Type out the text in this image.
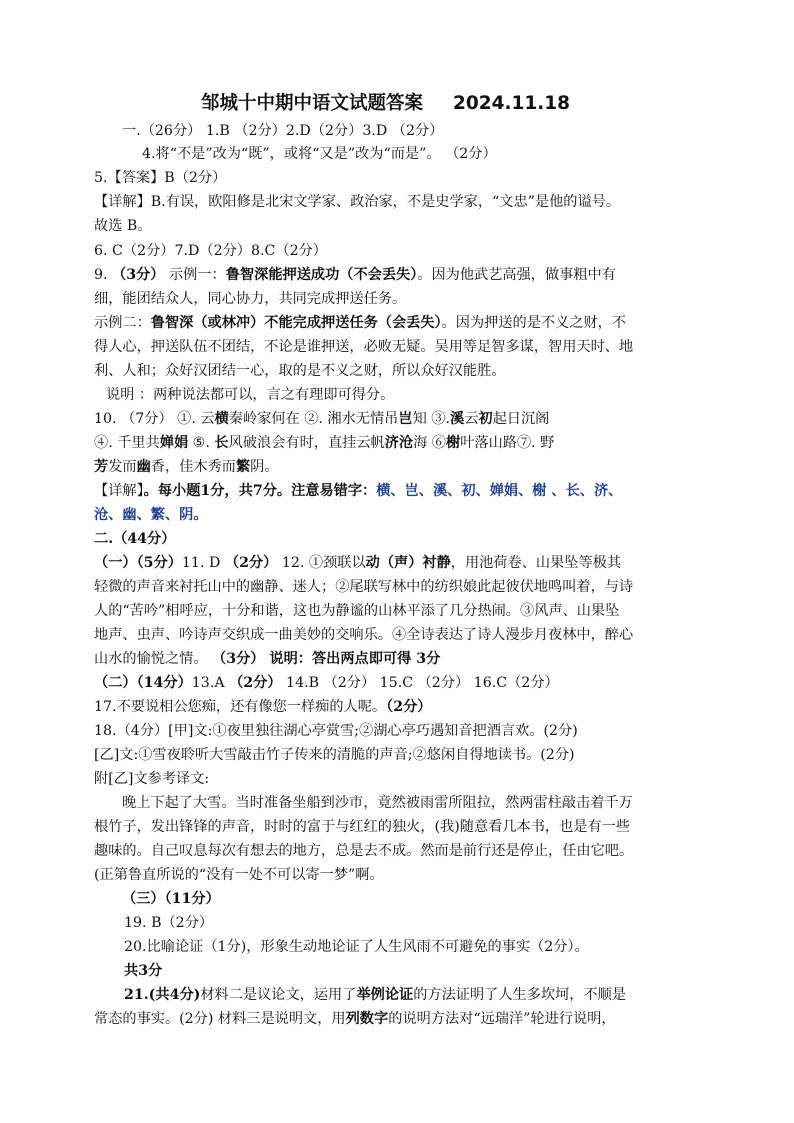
邹城十中期中语文试题答案 2024.11.18
一.（26分） 1.B （2分）2.D（2分）3.D （2分）
4.将“不是”改为“既”，或将“又是”改为“而是”。 （2分）
5.【答案】B（2分）
【详解】B.有误，欧阳修是北宋文学家、政治家，不是史学家，“文忠”是他的谥号。
故选 B。
6. C（2分）7.D（2分）8.C（2分）
9. （3分） 示例一：鲁智深能押送成功（不会丢失）。因为他武艺高强，做事粗中有
细，能团结众人，同心协力，共同完成押送任务。
示例二：鲁智深（或林冲）不能完成押送任务（会丢失）。因为押送的是不义之财，不
得人心，押送队伍不团结，不论是谁押送，必败无疑。吴用等足智多谋，智用天时、地
利、人和；众好汉团结一心，取的是不义之财，所以众好汉能胜。
说明 ：两种说法都可以，言之有理即可得分。
10. （7分） ①. 云横秦岭家何在 ②. 湘水无情吊岂知 ③.溪云初起日沉阁
④. 千里共婵娟 ⑤. 长风破浪会有时，直挂云帆济沧海 ⑥榭叶落山路⑦. 野
芳发而幽香，佳木秀而繁阴。
【详解】。每小题1分，共7分。注意易错字：横、岂、溪、初、婵娟、榭 、长、济、
沧、幽、繁、阴。
二.（44分）
（一）（5分）11. D （2分） 12. ①颈联以动（声）衬静，用池荷卷、山果坠等极其
轻微的声音来衬托山中的幽静、迷人；②尾联写林中的纺织娘此起彼伏地鸣叫着，与诗
人的“苦吟”相呼应，十分和谐，这也为静谧的山林平添了几分热闹。③风声、山果坠
地声、虫声、吟诗声交织成一曲美妙的交响乐。④全诗表达了诗人漫步月夜林中，醉心
山水的愉悦之情。 （3分） 说明：答出两点即可得 3分
（二）（14分）13.A （2分） 14.B （2分） 15.C （2分） 16.C（2分）
17.不要说相公您痴，还有像您一样痴的人呢。（2分）
18.（4分）[甲]文:①夜里独往湖心亭赏雪;②湖心亭巧遇知音把酒言欢。(2分)
[乙]文:①雪夜聆听大雪敲击竹子传来的清脆的声音;②悠闲自得地读书。(2分)
附[乙]文参考译文:
晚上下起了大雪。当时准备坐船到沙市，竟然被雨雷所阻拉，然两雷柱敲击着千万
根竹子，发出锋锋的声音，时时的富于与红红的独火，(我)随意看几本书，也是有一些
趣味的。自己叹息每次有想去的地方，总是去不成。然而是前行还是停止，任由它吧。
(正第鲁直所说的“没有一处不可以寄一梦”啊。
（三）（11分）
19. B（2分）
20.比喻论证（1分)，形象生动地论证了人生风雨不可避免的事实（2分）。
共3分
21.(共4分)材料二是议论文，运用了举例论证的方法证明了人生多坎坷，不顺是
常态的事实。(2分) 材料三是说明文，用列数字的说明方法对“远瑞洋”轮进行说明，
